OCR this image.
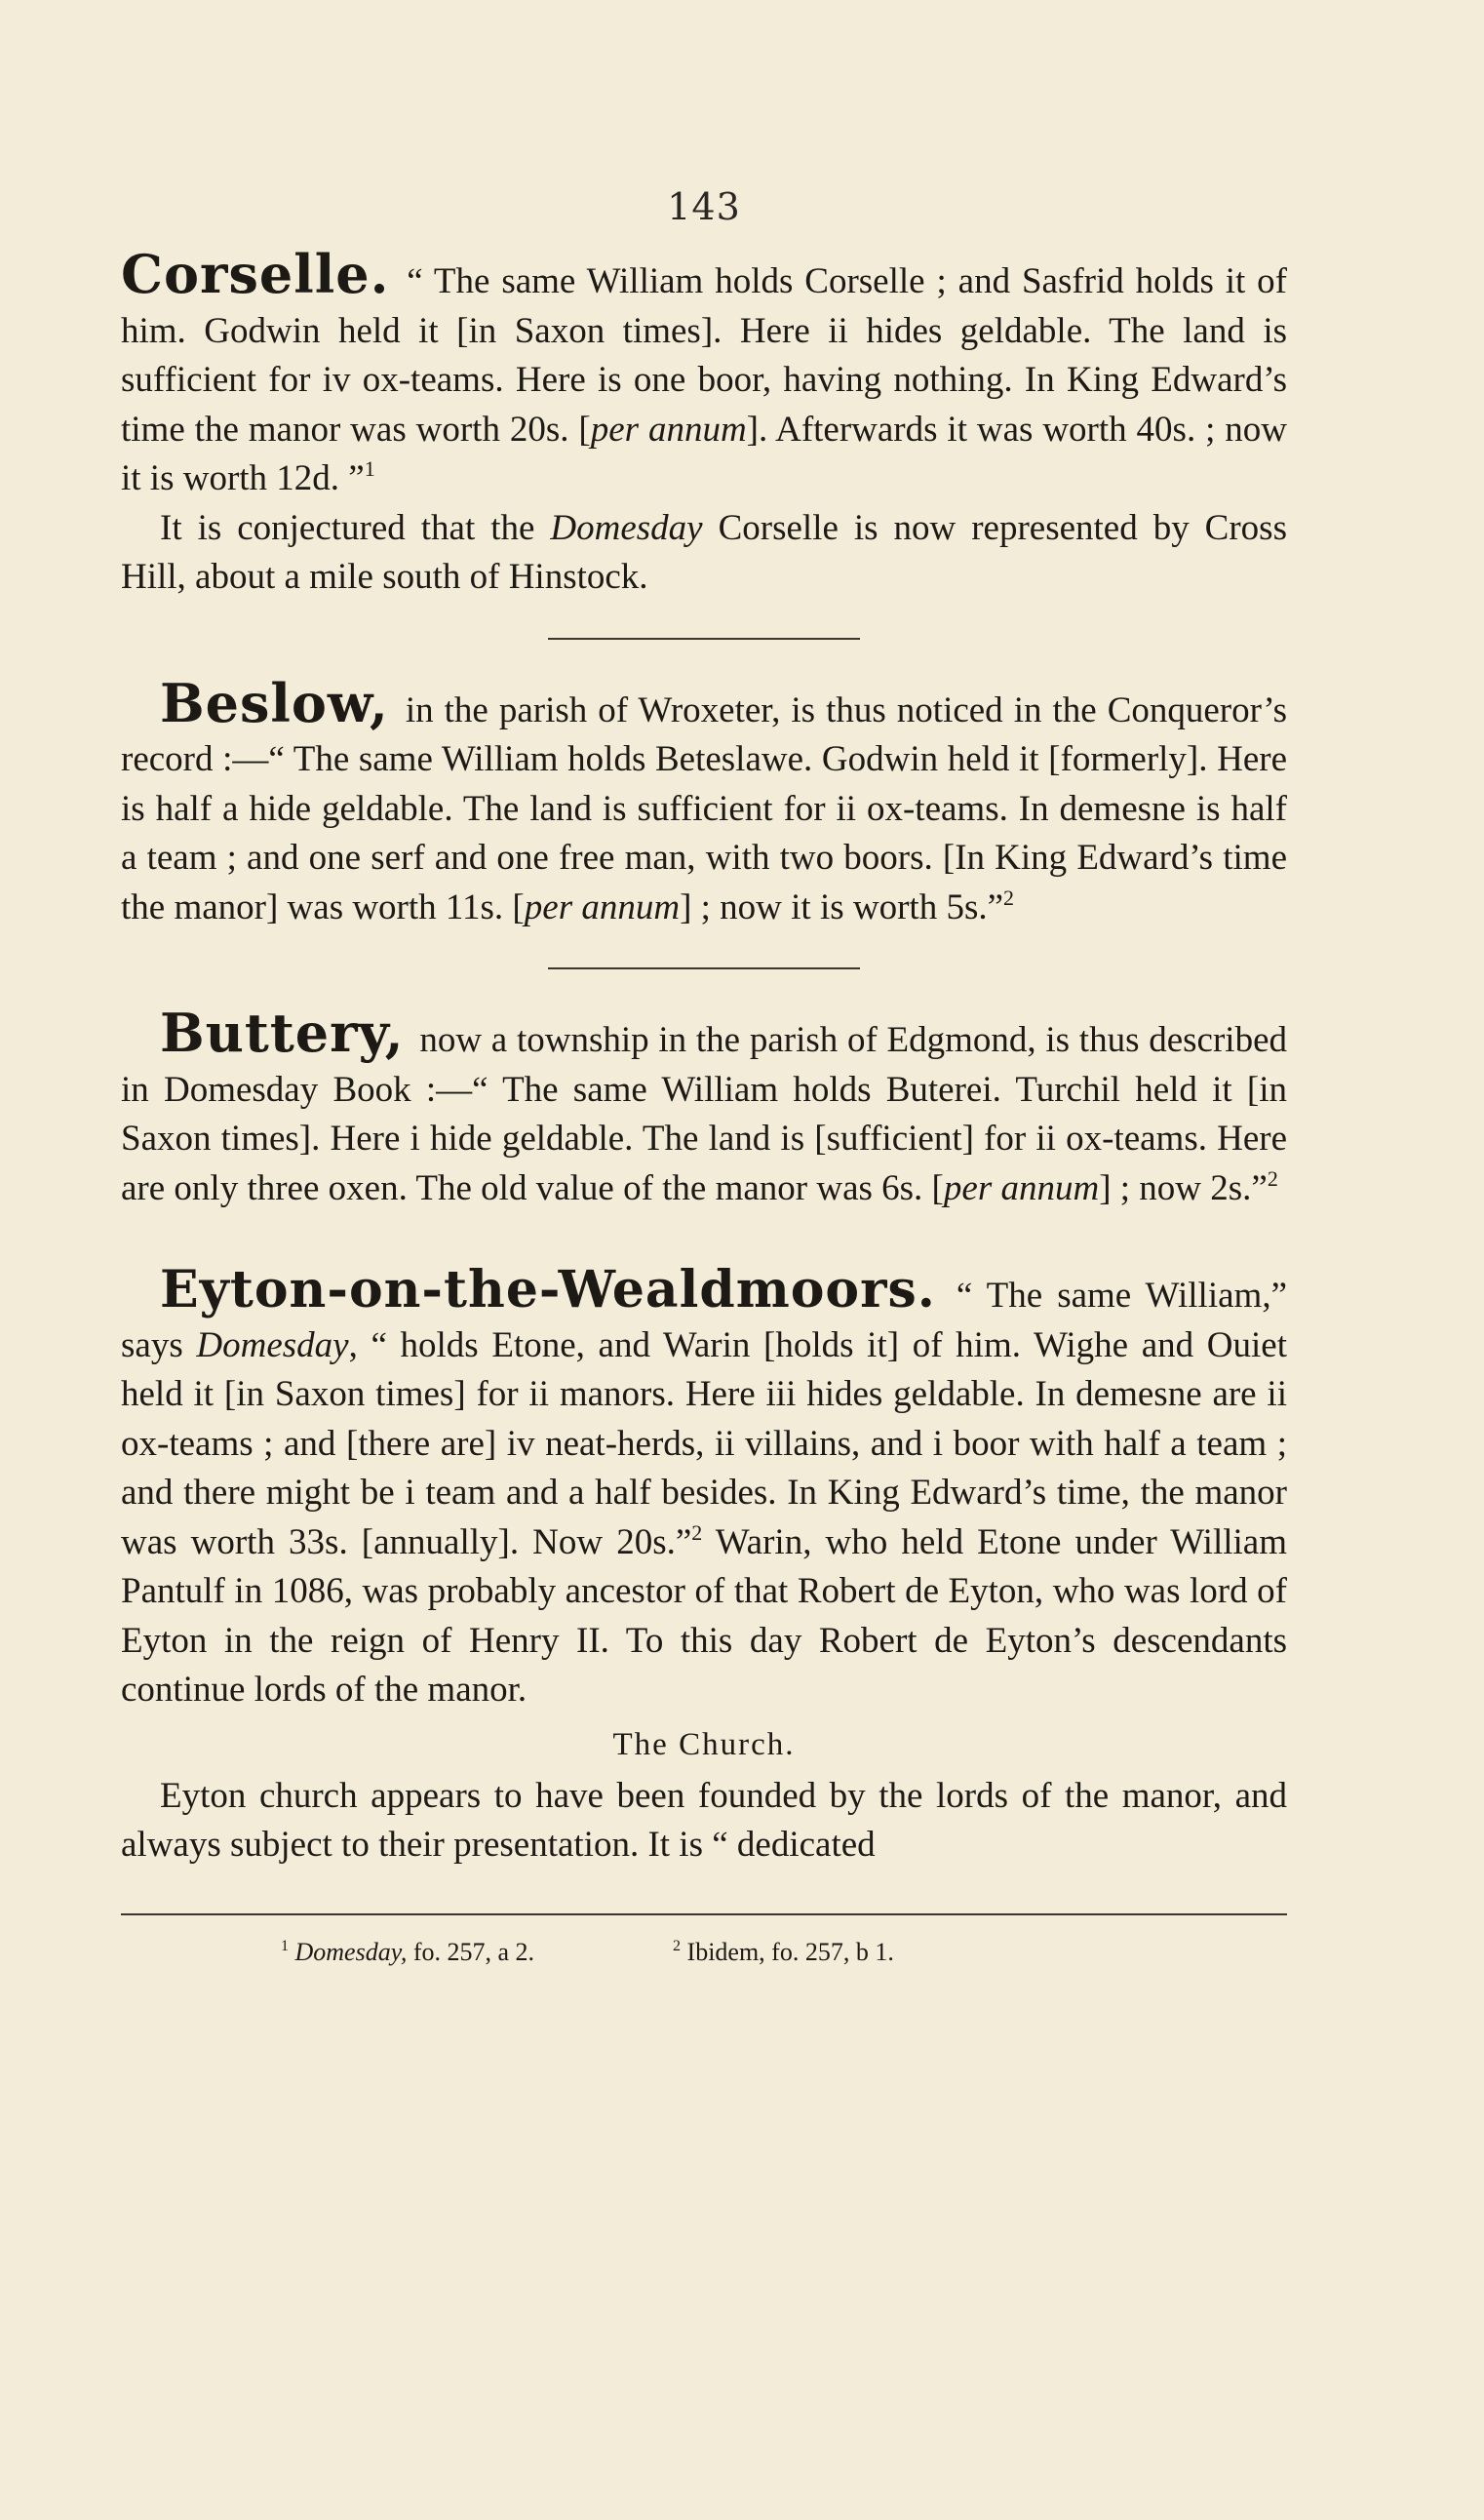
143

Corselle. “ The same William holds Corselle ; and Sasfrid holds it of him. Godwin held it [in Saxon times]. Here ii hides geldable. The land is sufficient for iv ox-teams. Here is one boor, having nothing. In King Edward’s time the manor was worth 20s. [per annum]. Afterwards it was worth 40s. ; now it is worth 12d. ”$^1$

It is conjectured that the Domesday Corselle is now represented by Cross Hill, about a mile south of Hinstock.

Beslow, in the parish of Wroxeter, is thus noticed in the Conqueror’s record :—“ The same William holds Beteslawe. Godwin held it [formerly]. Here is half a hide geldable. The land is sufficient for ii ox-teams. In demesne is half a team ; and one serf and one free man, with two boors. [In King Edward’s time the manor] was worth 11s. [per annum] ; now it is worth 5s.”$^2$

Buttery, now a township in the parish of Edgmond, is thus described in Domesday Book :—“ The same William holds Buterei. Turchil held it [in Saxon times]. Here i hide geldable. The land is [sufficient] for ii ox-teams. Here are only three oxen. The old value of the manor was 6s. [per annum] ; now 2s.”$^2$

Eyton-on-the-Wealdmoors. “ The same William,” says Domesday, “ holds Etone, and Warin [holds it] of him. Wighe and Ouiet held it [in Saxon times] for ii manors. Here iii hides geldable. In demesne are ii ox-teams ; and [there are] iv neat-herds, ii villains, and i boor with half a team ; and there might be i team and a half besides. In King Edward’s time, the manor was worth 33s. [annually]. Now 20s.”$^2$ Warin, who held Etone under William Pantulf in 1086, was probably ancestor of that Robert de Eyton, who was lord of Eyton in the reign of Henry II. To this day Robert de Eyton’s descendants continue lords of the manor.

The Church.

Eyton church appears to have been founded by the lords of the manor, and always subject to their presentation. It is “ dedicated

$^1$ Domesday, fo. 257, a 2.	$^2$ Ibidem, fo. 257, b 1.
